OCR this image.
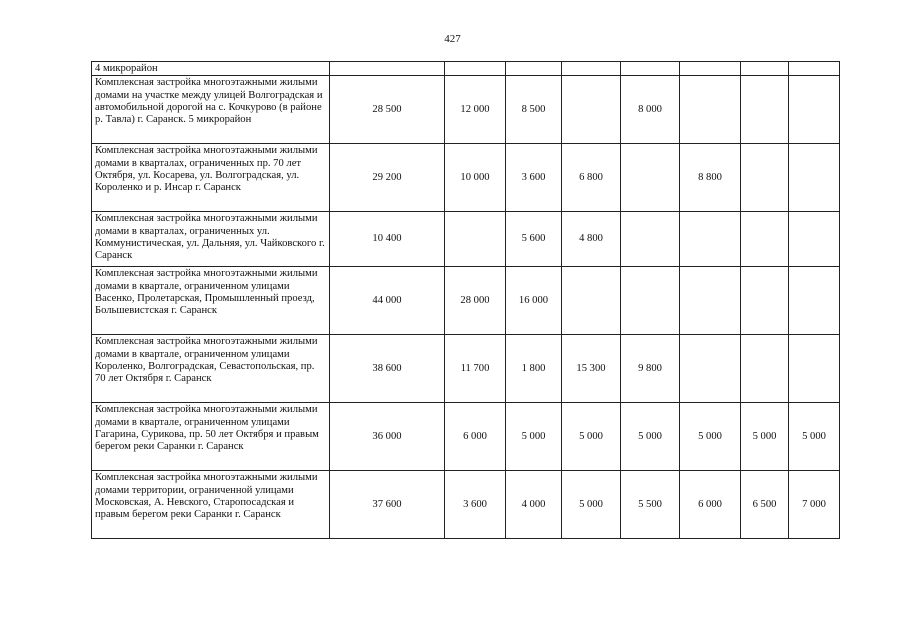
427
4 микрорайон								
Комплексная застройка многоэтажными жилыми домами на участке между улицей Волгоградская и автомобильной дорогой на с. Кочкурово (в районе р. Тавла) г. Саранск. 5 микрорайон	28 500	12 000	8 500		8 000			
Комплексная застройка многоэтажными жилыми домами в кварталах, ограниченных пр. 70 лет Октября, ул. Косарева, ул. Волгоградская, ул. Короленко и р. Инсар г. Саранск	29 200	10 000	3 600	6 800		8 800		
Комплексная застройка многоэтажными жилыми домами в кварталах, ограниченных ул. Коммунистическая, ул. Дальняя, ул. Чайковского г. Саранск	10 400		5 600	4 800				
Комплексная застройка многоэтажными жилыми домами в квартале, ограниченном улицами Васенко, Пролетарская, Промышленный проезд, Большевистская г. Саранск	44 000	28 000	16 000					
Комплексная застройка многоэтажными жилыми домами в квартале, ограниченном улицами Короленко, Волгоградская, Севастопольская, пр. 70 лет Октября г. Саранск	38 600	11 700	1 800	15 300	9 800			
Комплексная застройка многоэтажными жилыми домами в квартале, ограниченном улицами Гагарина, Сурикова, пр. 50 лет Октября и правым берегом реки Саранки г. Саранск	36 000	6 000	5 000	5 000	5 000	5 000	5 000	5 000
Комплексная застройка многоэтажными жилыми домами территории, ограниченной улицами Московская, А. Невского, Старопосадская и правым берегом реки Саранки г. Саранск	37 600	3 600	4 000	5 000	5 500	6 000	6 500	7 000
